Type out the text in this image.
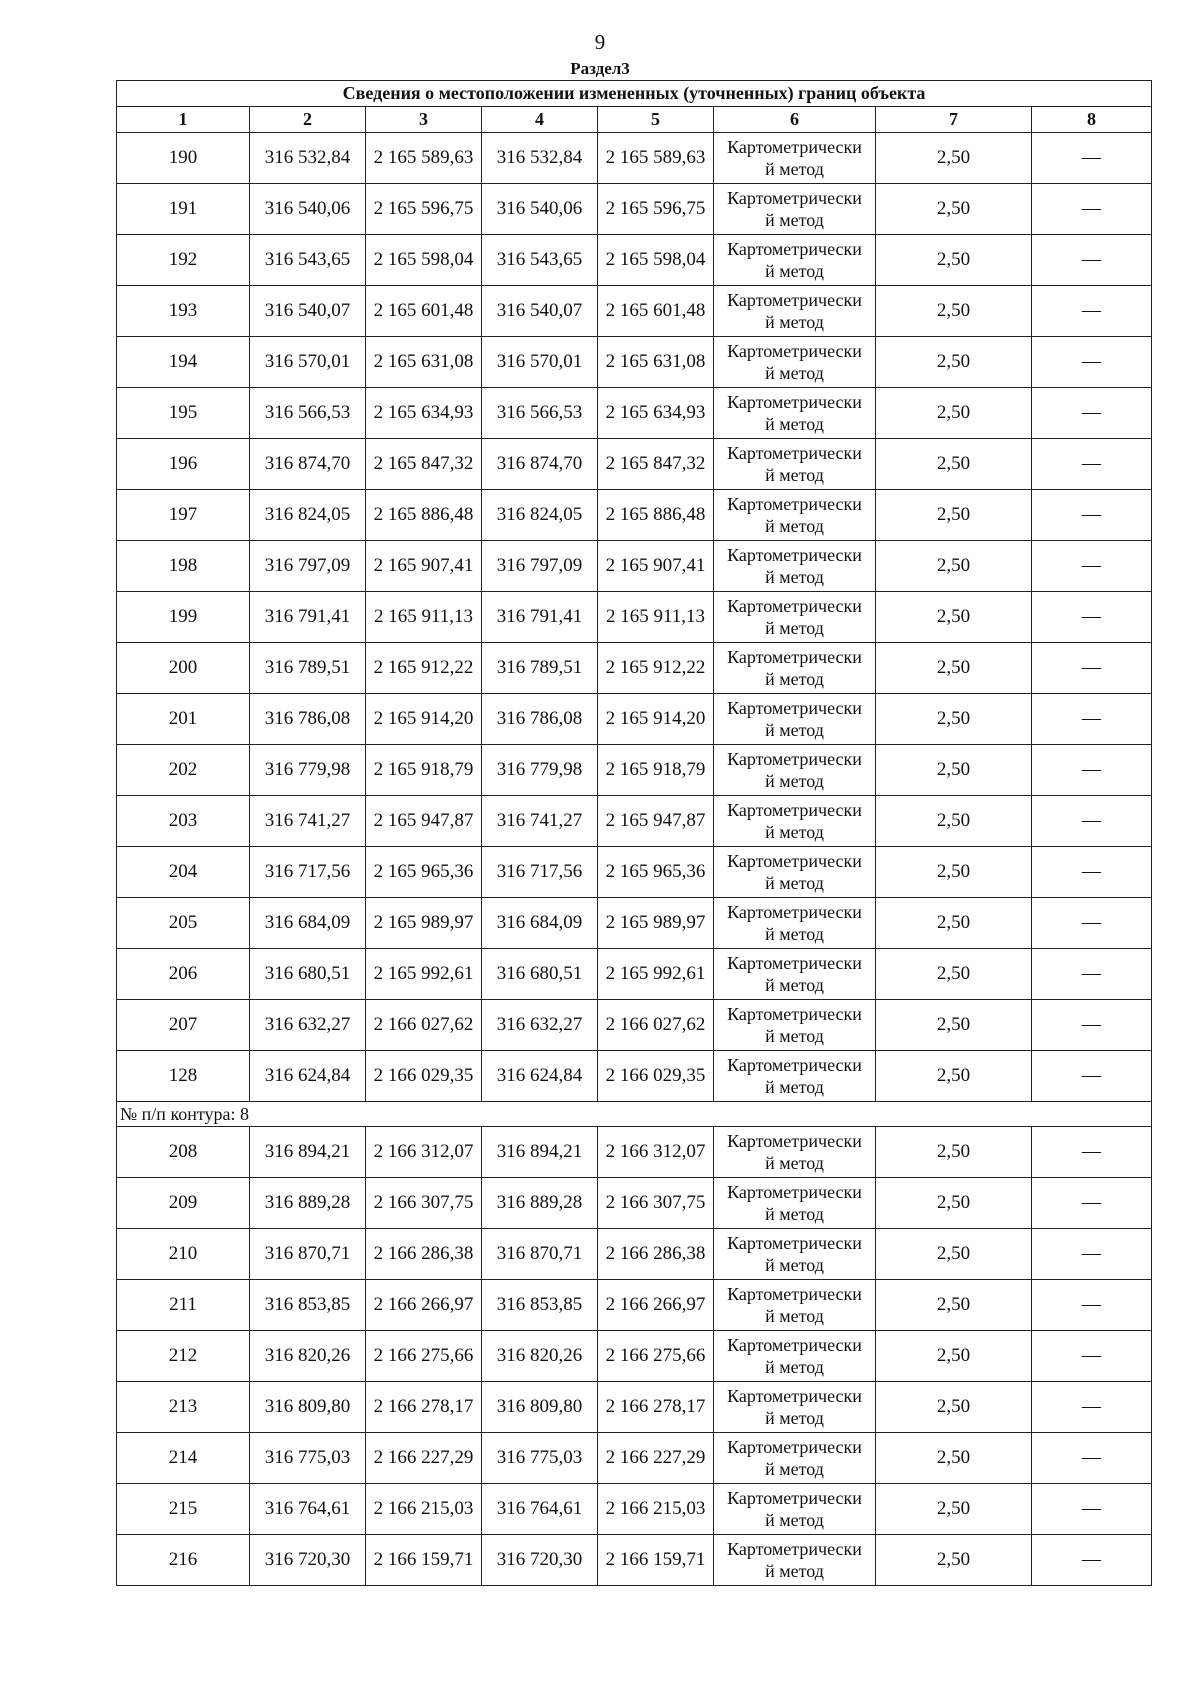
9
Раздел3
Сведения о местоположении измененных (уточненных) границ объекта							
1	2	3	4	5	6	7	8
190	316 532,84	2 165 589,63	316 532,84	2 165 589,63	Картометрически
й метод	2,50	—
191	316 540,06	2 165 596,75	316 540,06	2 165 596,75	Картометрически
й метод	2,50	—
192	316 543,65	2 165 598,04	316 543,65	2 165 598,04	Картометрически
й метод	2,50	—
193	316 540,07	2 165 601,48	316 540,07	2 165 601,48	Картометрически
й метод	2,50	—
194	316 570,01	2 165 631,08	316 570,01	2 165 631,08	Картометрически
й метод	2,50	—
195	316 566,53	2 165 634,93	316 566,53	2 165 634,93	Картометрически
й метод	2,50	—
196	316 874,70	2 165 847,32	316 874,70	2 165 847,32	Картометрически
й метод	2,50	—
197	316 824,05	2 165 886,48	316 824,05	2 165 886,48	Картометрически
й метод	2,50	—
198	316 797,09	2 165 907,41	316 797,09	2 165 907,41	Картометрически
й метод	2,50	—
199	316 791,41	2 165 911,13	316 791,41	2 165 911,13	Картометрически
й метод	2,50	—
200	316 789,51	2 165 912,22	316 789,51	2 165 912,22	Картометрически
й метод	2,50	—
201	316 786,08	2 165 914,20	316 786,08	2 165 914,20	Картометрически
й метод	2,50	—
202	316 779,98	2 165 918,79	316 779,98	2 165 918,79	Картометрически
й метод	2,50	—
203	316 741,27	2 165 947,87	316 741,27	2 165 947,87	Картометрически
й метод	2,50	—
204	316 717,56	2 165 965,36	316 717,56	2 165 965,36	Картометрически
й метод	2,50	—
205	316 684,09	2 165 989,97	316 684,09	2 165 989,97	Картометрически
й метод	2,50	—
206	316 680,51	2 165 992,61	316 680,51	2 165 992,61	Картометрически
й метод	2,50	—
207	316 632,27	2 166 027,62	316 632,27	2 166 027,62	Картометрически
й метод	2,50	—
128	316 624,84	2 166 029,35	316 624,84	2 166 029,35	Картометрически
й метод	2,50	—
№ п/п контура: 8							
208	316 894,21	2 166 312,07	316 894,21	2 166 312,07	Картометрически
й метод	2,50	—
209	316 889,28	2 166 307,75	316 889,28	2 166 307,75	Картометрически
й метод	2,50	—
210	316 870,71	2 166 286,38	316 870,71	2 166 286,38	Картометрически
й метод	2,50	—
211	316 853,85	2 166 266,97	316 853,85	2 166 266,97	Картометрически
й метод	2,50	—
212	316 820,26	2 166 275,66	316 820,26	2 166 275,66	Картометрически
й метод	2,50	—
213	316 809,80	2 166 278,17	316 809,80	2 166 278,17	Картометрически
й метод	2,50	—
214	316 775,03	2 166 227,29	316 775,03	2 166 227,29	Картометрически
й метод	2,50	—
215	316 764,61	2 166 215,03	316 764,61	2 166 215,03	Картометрически
й метод	2,50	—
216	316 720,30	2 166 159,71	316 720,30	2 166 159,71	Картометрически
й метод	2,50	—
